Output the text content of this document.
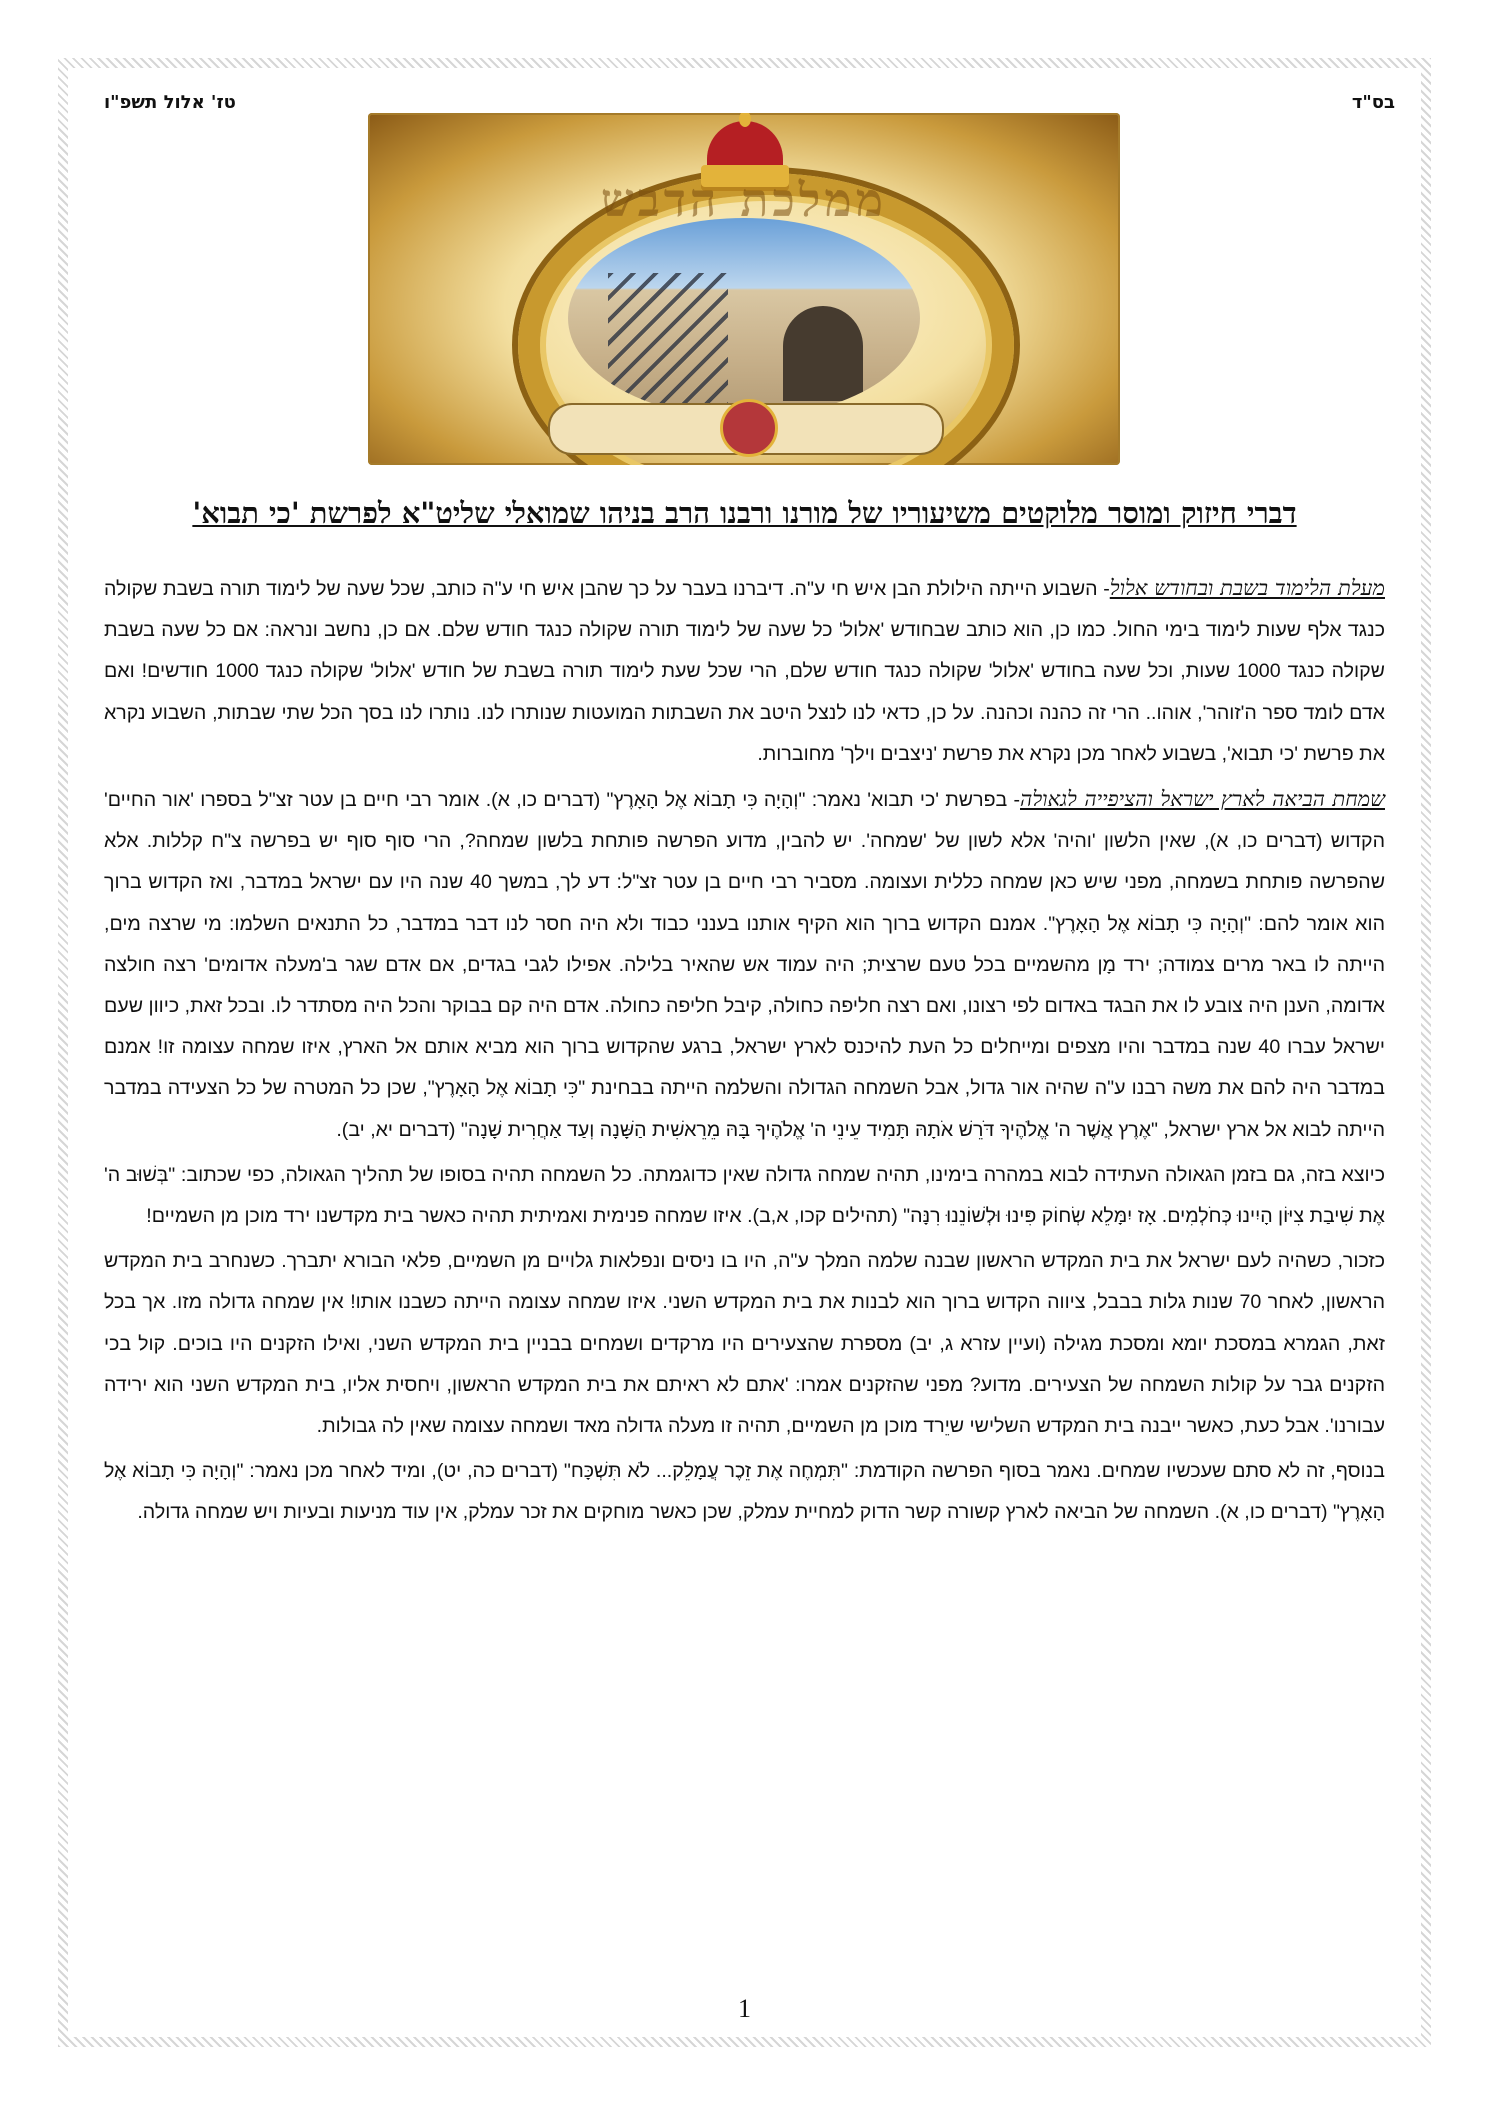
בס"ד
טז' אלול תשפ"ו
ממלכת הדבש
דברי חיזוק ומוסר מלוקטים משיעוריו של מורנו ורבנו הרב בניהו שמואלי שליט"א לפרשת 'כי תבוא'

מעלת הלימוד בשבת ובחודש אלול- השבוע הייתה הילולת הבן איש חי ע"ה. דיברנו בעבר על כך שהבן איש חי ע"ה כותב, שכל שעה של לימוד תורה בשבת שקולה כנגד אלף שעות לימוד בימי החול. כמו כן, הוא כותב שבחודש 'אלול' כל שעה של לימוד תורה שקולה כנגד חודש שלם. אם כן, נחשב ונראה: אם כל שעה בשבת שקולה כנגד 1000 שעות, וכל שעה בחודש 'אלול' שקולה כנגד חודש שלם, הרי שכל שעת לימוד תורה בשבת של חודש 'אלול' שקולה כנגד 1000 חודשים! ואם אדם לומד ספר ה'זוהר', אוהו.. הרי זה כהנה וכהנה. על כן, כדאי לנו לנצל היטב את השבתות המועטות שנותרו לנו. נותרו לנו בסך הכל שתי שבתות, השבוע נקרא את פרשת 'כי תבוא', בשבוע לאחר מכן נקרא את פרשת 'ניצבים וילך' מחוברות.

שמחת הביאה לארץ ישראל והציפייה לגאולה- בפרשת 'כי תבוא' נאמר: "וְהָיָה כִּי תָבוֹא אֶל הָאָרֶץ" (דברים כו, א). אומר רבי חיים בן עטר זצ"ל בספרו 'אור החיים' הקדוש (דברים כו, א), שאין הלשון 'והיה' אלא לשון של 'שמחה'. יש להבין, מדוע הפרשה פותחת בלשון שמחה?, הרי סוף סוף יש בפרשה צ"ח קללות. אלא שהפרשה פותחת בשמחה, מפני שיש כאן שמחה כללית ועצומה. מסביר רבי חיים בן עטר זצ"ל: דע לך, במשך 40 שנה היו עם ישראל במדבר, ואז הקדוש ברוך הוא אומר להם: "וְהָיָה כִּי תָבוֹא אֶל הָאָרֶץ". אמנם הקדוש ברוך הוא הקיף אותנו בענני כבוד ולא היה חסר לנו דבר במדבר, כל התנאים השלמו: מי שרצה מים, הייתה לו באר מרים צמודה; ירד מָן מהשמיים בכל טעם שרצית; היה עמוד אש שהאיר בלילה. אפילו לגבי בגדים, אם אדם שגר ב'מעלה אדומים' רצה חולצה אדומה, הענן היה צובע לו את הבגד באדום לפי רצונו, ואם רצה חליפה כחולה, קיבל חליפה כחולה. אדם היה קם בבוקר והכל היה מסתדר לו. ובכל זאת, כיוון שעם ישראל עברו 40 שנה במדבר והיו מצפים ומייחלים כל העת להיכנס לארץ ישראל, ברגע שהקדוש ברוך הוא מביא אותם אל הארץ, איזו שמחה עצומה זו! אמנם במדבר היה להם את משה רבנו ע"ה שהיה אור גדול, אבל השמחה הגדולה והשלמה הייתה בבחינת "כִּי תָבוֹא אֶל הָאָרֶץ", שכן כל המטרה של כל הצעידה במדבר הייתה לבוא אל ארץ ישראל, "אֶרֶץ אֲשֶׁר ה' אֱלֹהֶיךָ דֹּרֵשׁ אֹתָהּ תָּמִיד עֵינֵי ה' אֱלֹהֶיךָ בָּהּ מֵרֵאשִׁית הַשָּׁנָה וְעַד אַחֲרִית שָׁנָה" (דברים יא, יב).

כיוצא בזה, גם בזמן הגאולה העתידה לבוא במהרה בימינו, תהיה שמחה גדולה שאין כדוגמתה. כל השמחה תהיה בסופו של תהליך הגאולה, כפי שכתוב: "בְּשׁוּב ה' אֶת שִׁיבַת צִיּוֹן הָיִינוּ כְּחֹלְמִים. אָז יִמָּלֵא שְׂחוֹק פִּינוּ וּלְשׁוֹנֵנוּ רִנָּה" (תהילים קכו, א,ב). איזו שמחה פנימית ואמיתית תהיה כאשר בית מקדשנו ירד מוכן מן השמיים!

כזכור, כשהיה לעם ישראל את בית המקדש הראשון שבנה שלמה המלך ע"ה, היו בו ניסים ונפלאות גלויים מן השמיים, פלאי הבורא יתברך. כשנחרב בית המקדש הראשון, לאחר 70 שנות גלות בבבל, ציווה הקדוש ברוך הוא לבנות את בית המקדש השני. איזו שמחה עצומה הייתה כשבנו אותו! אין שמחה גדולה מזו. אך בכל זאת, הגמרא במסכת יומא ומסכת מגילה (ועיין עזרא ג, יב) מספרת שהצעירים היו מרקדים ושמחים בבניין בית המקדש השני, ואילו הזקנים היו בוכים. קול בכי הזקנים גבר על קולות השמחה של הצעירים. מדוע? מפני שהזקנים אמרו: 'אתם לא ראיתם את בית המקדש הראשון, ויחסית אליו, בית המקדש השני הוא ירידה עבורנו'. אבל כעת, כאשר ייבנה בית המקדש השלישי שיֵרד מוכן מן השמיים, תהיה זו מעלה גדולה מאד ושמחה עצומה שאין לה גבולות.

בנוסף, זה לא סתם שעכשיו שמחים. נאמר בסוף הפרשה הקודמת: "תִּמְחֶה אֶת זֵכֶר עֲמָלֵק... לֹא תִּשְׁכָּח" (דברים כה, יט), ומיד לאחר מכן נאמר: "וְהָיָה כִּי תָבוֹא אֶל הָאָרֶץ" (דברים כו, א). השמחה של הביאה לארץ קשורה קשר הדוק למחיית עמלק, שכן כאשר מוחקים את זכר עמלק, אין עוד מניעות ובעיות ויש שמחה גדולה.

1
